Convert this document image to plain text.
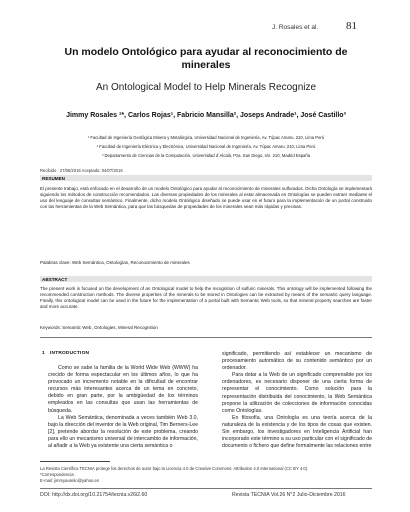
J. Rosales et al.	81
Un modelo Ontológico para ayudar al reconocimiento de minerales
An Ontological Model to Help Minerals Recognize
Jimmy Rosales ¹*, Carlos Rojas¹, Fabricio Mansilla², Joseps Andrade¹, José Castillo³
¹ Facultad de Ingeniería Geológica Minera y Metalúrgica, Universidad Nacional de Ingeniería, Av. Túpac Amaru. 210, Lima Perú
² Facultad de Ingeniería Eléctrica y Electrónica, Universidad Nacional de Ingeniería, Av. Túpac Amaru. 210, Lima Perú
³ Departamento de Ciencias de la Computación, Universidad d´Alcalá, Pza. San Diego, s/n. 210, Madrid España
Recibido : 27/06/2016 Aceptado: 04/07/2016
RESUMEN
El presente trabajo, está enfocado en el desarrollo de un modelo Ontológico para ayudar al reconocimiento de minerales sulfurados. Dicha Ontología se implementará siguiendo los métodos de construcción recomendados. Las diversas propiedades de los minerales al estar almacenada en Ontologías se pueden extraer mediante el uso del lenguaje de consultas semántico. Finalmente, dicho modelo Ontológico diseñado se puede usar en el futuro para la implementación de un portal construido con las herramientas de la Web Semántica, para que las búsquedas de propiedades de los minerales sean más rápidas y precisas.
Palabras clave: Web Semántica, Ontologías, Reconocimiento de minerales
ABSTRACT
The present work is focused on the development of an Ontological model to help the recognition of sulfuric minerals. This ontology will be implemented following the recommended construction methods. The diverse properties of the minerals to be stored in Ontologies can be extracted by means of the semantic query language. Finally, this ontological model can be used in the future for the implementation of a portal built with Semantic Web tools, so that mineral property searches are faster and more accurate.
Keywords: Semantic Web, Ontologies, Mineral Recognition
1 INTRODUCTION

Como se sabe la familia de la World Wide Web (WWW) ha crecido de forma espectacular en los últimos años, lo que ha provocado un incremento notable en la dificultad de encontrar recursos más interesantes acerca de un tema en concreto, debido en gran parte, por la ambigüedad de los términos empleados en las consultas que usan las herramientas de búsqueda.

La Web Semántica, denominada a veces también Web 3.0, bajo la dirección del inventor de la Web original, Tim Berners-Lee [2], pretende abordar la resolución de este problema, creando para ello un mecanismo universal de intercambio de información, al añadir a la Web ya existente una cierta semántica o

significado, permitiendo así establecer un mecanismo de procesamiento automático de su contenido semántico por un ordenador.

Para dotar a la Web de un significado comprensible por los ordenadores, es necesario disponer de una cierta forma de representar el conocimiento. Como solución para la representación distribuida del conocimiento, la Web Semántica propone la utilización de colecciones de información conocidas como Ontologías.

En filosofía, una Ontología es una teoría acerca de la naturaleza de la existencia y de los tipos de cosas que existen. Sin embargo, los investigadores en Inteligencia Artificial han incorporado este término a su uso particular con el significado de documento o fichero que define formalmente las relaciones entre

La Revista Científica TECNIA protege los derechos de autor bajo la Licencia 4.0 de Creative Commons: Attribution 4.0 International (CC BY 4.0).
*Correspondencia:
E-mail: jimmyaurelio@yahoo.es
DOI: http://dx.doi.org/10.21754/tecnia.v26i2.60	Revista TECNIA Vol.26 N°2 Julio-Diciembre 2016
